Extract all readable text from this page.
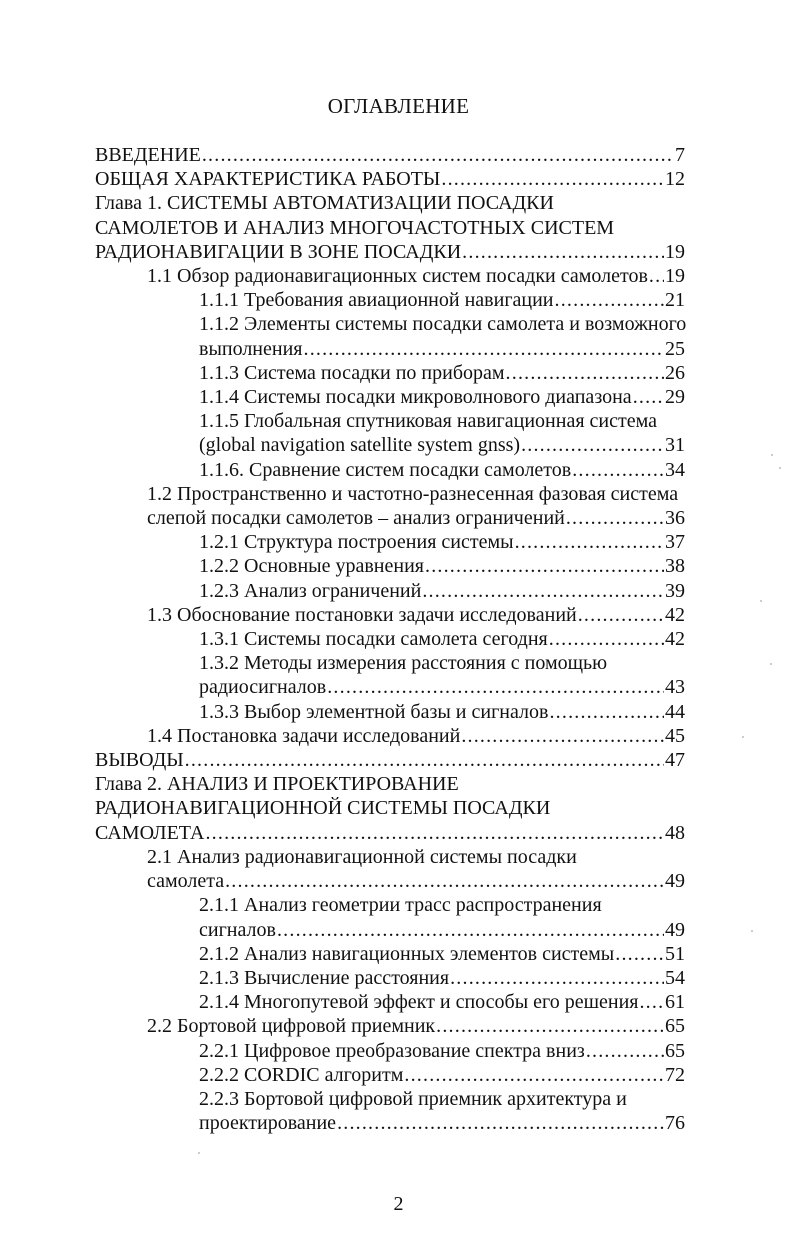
ОГЛАВЛЕНИЕ
ВВЕДЕНИЕ .....	7
ОБЩАЯ ХАРАКТЕРИСТИКА РАБОТЫ .....	12
Глава 1. СИСТЕМЫ АВТОМАТИЗАЦИИ ПОСАДКИ
САМОЛЕТОВ И АНАЛИЗ МНОГОЧАСТОТНЫХ СИСТЕМ
РАДИОНАВИГАЦИИ В ЗОНЕ ПОСАДКИ .....	19
1.1 Обзор радионавигационных систем посадки самолетов ..... 19
1.1.1 Требования авиационной навигации .....	21
1.1.2 Элементы системы посадки самолета и возможного
выполнения .....	25
1.1.3 Система посадки по приборам .....	26
1.1.4 Системы посадки микроволнового диапазона ..... 29
1.1.5 Глобальная спутниковая навигационная система
(global navigation satellite system gnss) .....	31
1.1.6. Сравнение систем посадки самолетов .....	34
1.2 Пространственно и частотно-разнесенная фазовая система
слепой посадки самолетов – анализ ограничений .....	36
1.2.1 Структура построения системы .....	37
1.2.2 Основные уравнения .....	38
1.2.3 Анализ ограничений .....	39
1.3 Обоснование постановки задачи исследований .....	42
1.3.1 Системы посадки самолета сегодня .....	42
1.3.2 Методы измерения расстояния с помощью
радиосигналов .....	43
1.3.3 Выбор элементной базы и сигналов .....	44
1.4 Постановка задачи исследований .....	45
ВЫВОДЫ .....	47
Глава 2. АНАЛИЗ И ПРОЕКТИРОВАНИЕ
РАДИОНАВИГАЦИОННОЙ СИСТЕМЫ ПОСАДКИ
САМОЛЕТА .....	48
2.1 Анализ радионавигационной системы посадки
самолета .....	49
2.1.1 Анализ геометрии трасс распространения
сигналов .....	49
2.1.2 Анализ навигационных элементов системы .....	51
2.1.3 Вычисление расстояния .....	54
2.1.4 Многопутевой эффект и способы его решения ..... 61
2.2 Бортовой цифровой приемник .....	65
2.2.1 Цифровое преобразование спектра вниз .....	65
2.2.2 CORDIC алгоритм .....	72
2.2.3 Бортовой цифровой приемник архитектура и
проектирование .....	76
2
